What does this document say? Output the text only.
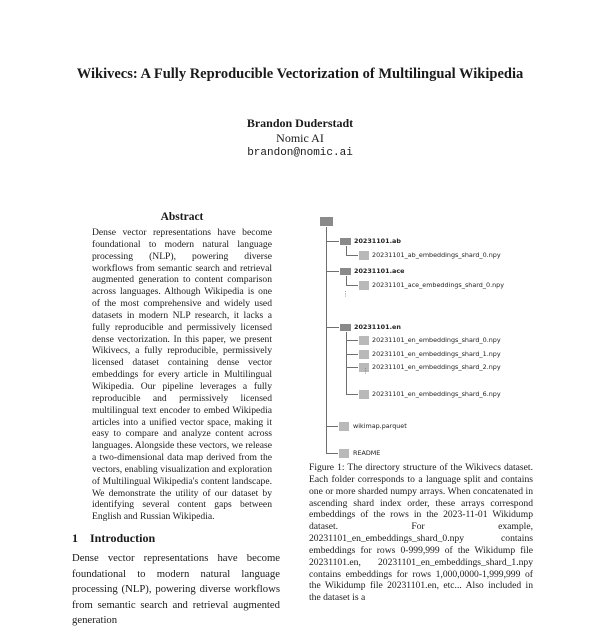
Wikivecs: A Fully Reproducible Vectorization of Multilingual Wikipedia
Brandon Duderstadt
Nomic AI
brandon@nomic.ai
Abstract
Dense vector representations have become foundational to modern natural language processing (NLP), powering diverse workflows from semantic search and retrieval augmented generation to content comparison across languages. Although Wikipedia is one of the most comprehensive and widely used datasets in modern NLP research, it lacks a fully reproducible and permissively licensed dense vectorization. In this paper, we present Wikivecs, a fully reproducible, permissively licensed dataset containing dense vector embeddings for every article in Multilingual Wikipedia. Our pipeline leverages a fully reproducible and permissively licensed multilingual text encoder to embed Wikipedia articles into a unified vector space, making it easy to compare and analyze content across languages. Alongside these vectors, we release a two-dimensional data map derived from the vectors, enabling visualization and exploration of Multilingual Wikipedia's content landscape. We demonstrate the utility of our dataset by identifying several content gaps between English and Russian Wikipedia.
1 Introduction
Dense vector representations have become foundational to modern natural language processing (NLP), powering diverse workflows from semantic search and retrieval augmented generation
20231101.ab
20231101_ab_embeddings_shard_0.npy
20231101.ace
20231101_ace_embeddings_shard_0.npy
⋮
20231101.en
20231101_en_embeddings_shard_0.npy
20231101_en_embeddings_shard_1.npy
20231101_en_embeddings_shard_2.npy
⋮
20231101_en_embeddings_shard_6.npy
wikimap.parquet
README
Figure 1: The directory structure of the Wikivecs dataset. Each folder corresponds to a language split and contains one or more sharded numpy arrays. When concatenated in ascending shard index order, these arrays correspond embeddings of the rows in the 2023-11-01 Wikidump dataset. For example, 20231101_en_embeddings_shard_0.npy contains embeddings for rows 0-999,999 of the Wikidump file 20231101.en, 20231101_en_embeddings_shard_1.npy contains embeddings for rows 1,000,0000-1,999,999 of the Wikidump file 20231101.en, etc... Also included in the dataset is a
